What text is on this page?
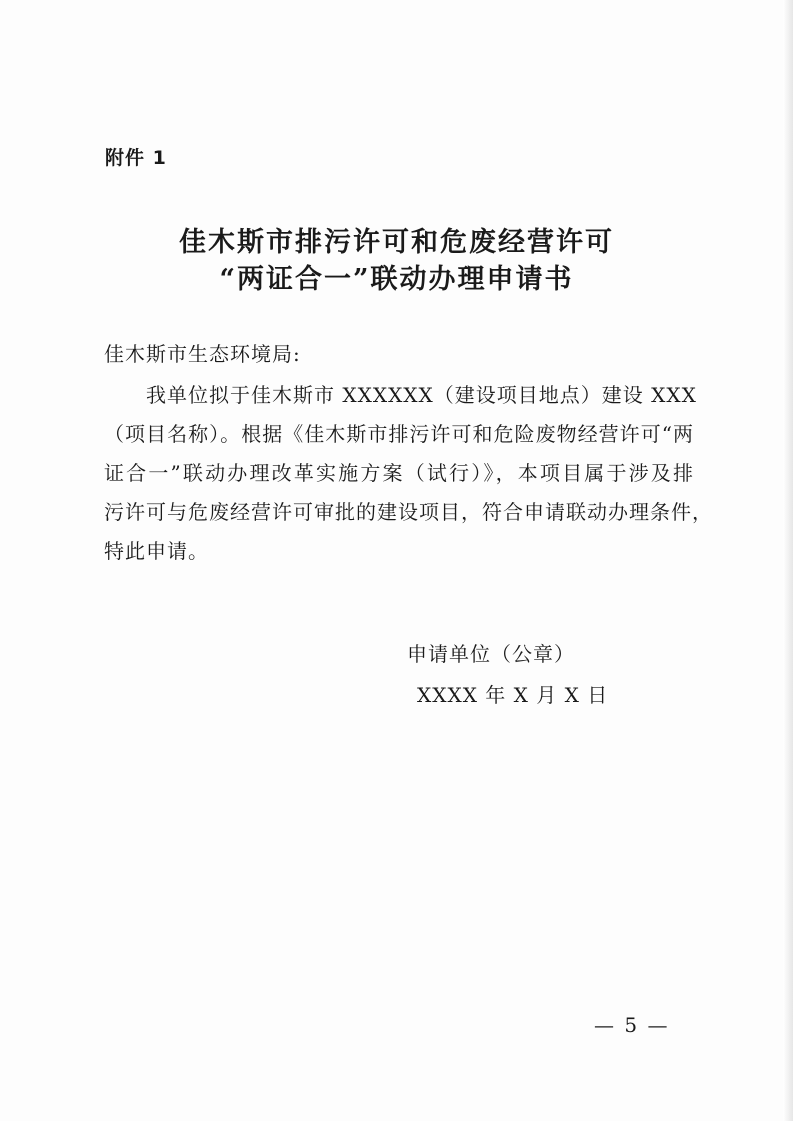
附件 1
佳木斯市排污许可和危废经营许可
“两证合一”联动办理申请书
佳木斯市生态环境局:
我单位拟于佳木斯市 XXXXXX（建设项目地点）建设 XXX
（项目名称）。根据《佳木斯市排污许可和危险废物经营许可“两
证合一”联动办理改革实施方案（试行）》，本项目属于涉及排
污许可与危废经营许可审批的建设项目，符合申请联动办理条件，
特此申请。
申请单位（公章）
XXXX 年 X 月 X 日
— 5 —
